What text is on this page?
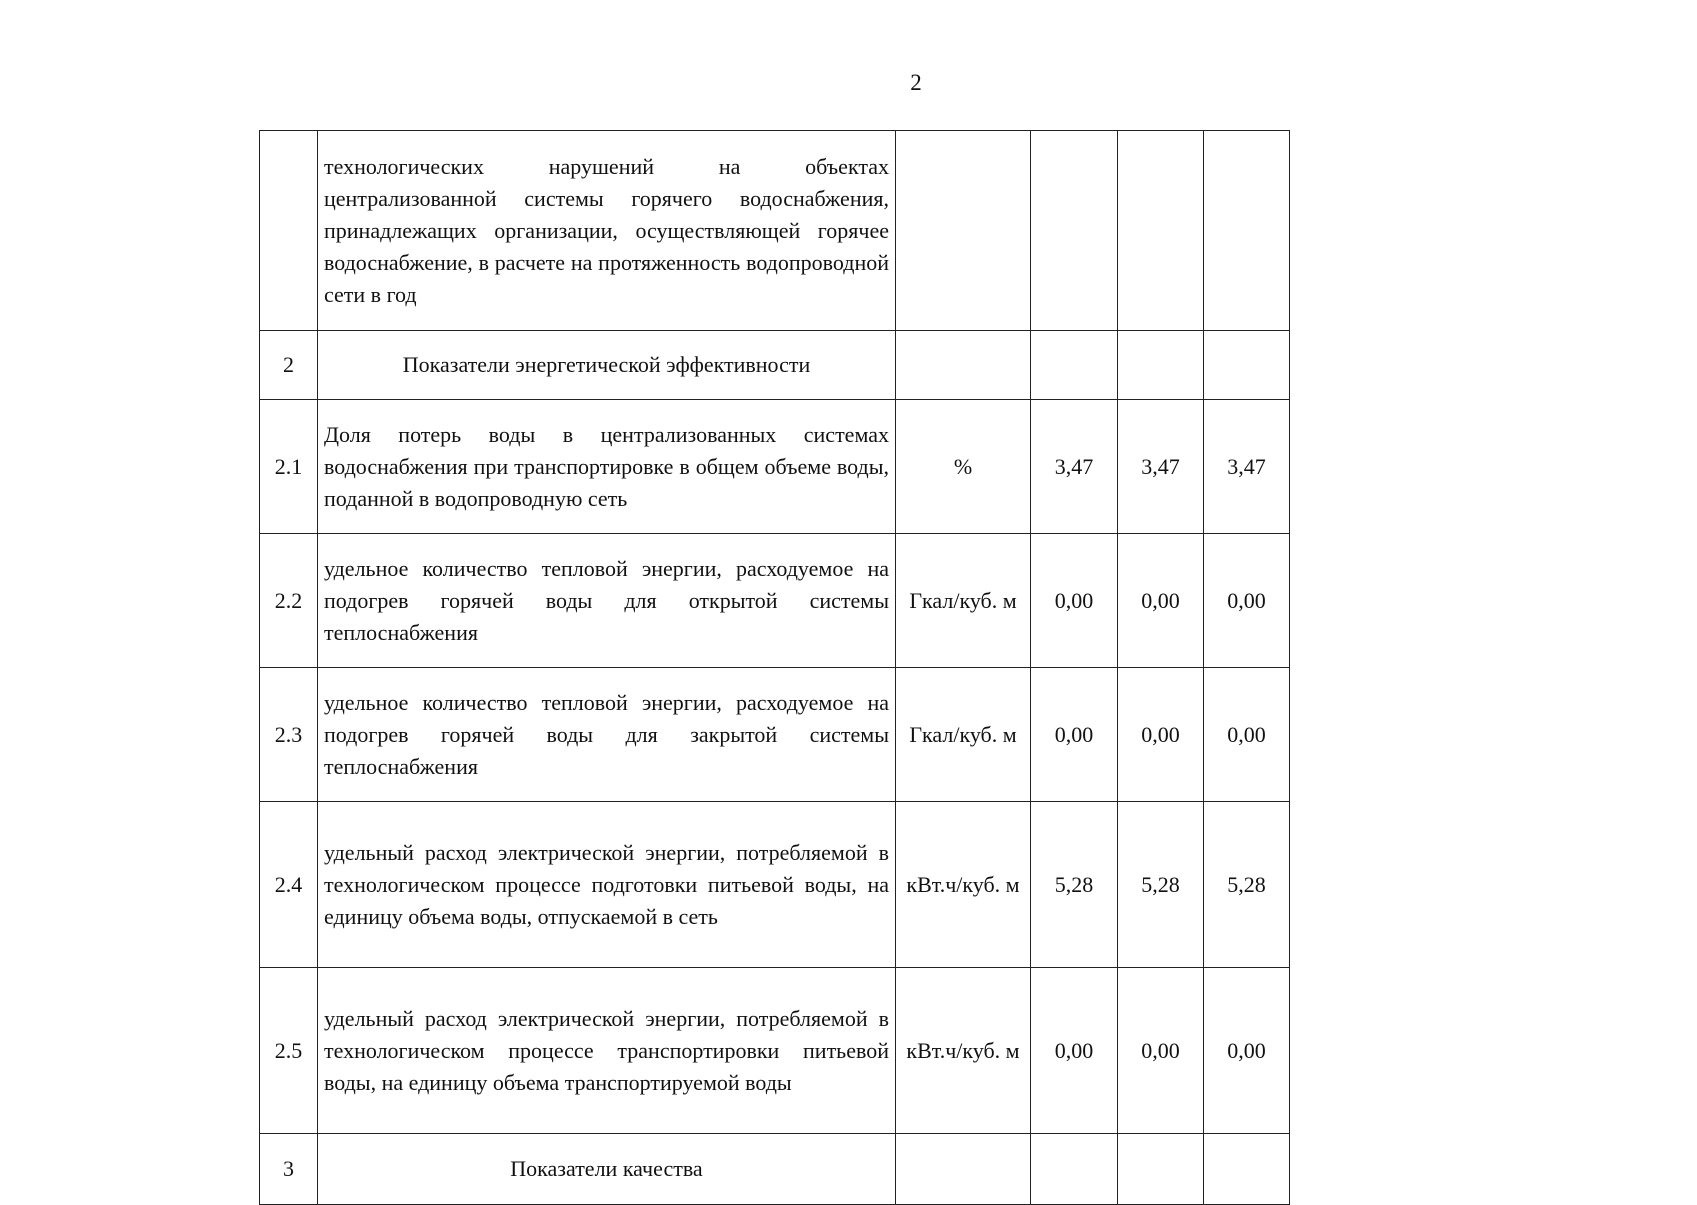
2
	технологических нарушений на объектах централизованной системы горячего водоснабжения, принадлежащих организации, осуществляющей горячее водоснабжение, в расчете на протяженность водопроводной сети в год				
2	Показатели энергетической эффективности				
2.1	Доля потерь воды в централизованных системах водоснабжения при транспортировке в общем объеме воды, поданной в водопроводную сеть	%	3,47	3,47	3,47
2.2	удельное количество тепловой энергии, расходуемое на подогрев горячей воды для открытой системы теплоснабжения	Гкал/куб. м	0,00	0,00	0,00
2.3	удельное количество тепловой энергии, расходуемое на подогрев горячей воды для закрытой системы теплоснабжения	Гкал/куб. м	0,00	0,00	0,00
2.4	удельный расход электрической энергии, потребляемой в технологическом процессе подготовки питьевой воды, на единицу объема воды, отпускаемой в сеть	кВт.ч/куб. м	5,28	5,28	5,28
2.5	удельный расход электрической энергии, потребляемой в технологическом процессе транспортировки питьевой воды, на единицу объема транспортируемой воды	кВт.ч/куб. м	0,00	0,00	0,00
3	Показатели качества				
